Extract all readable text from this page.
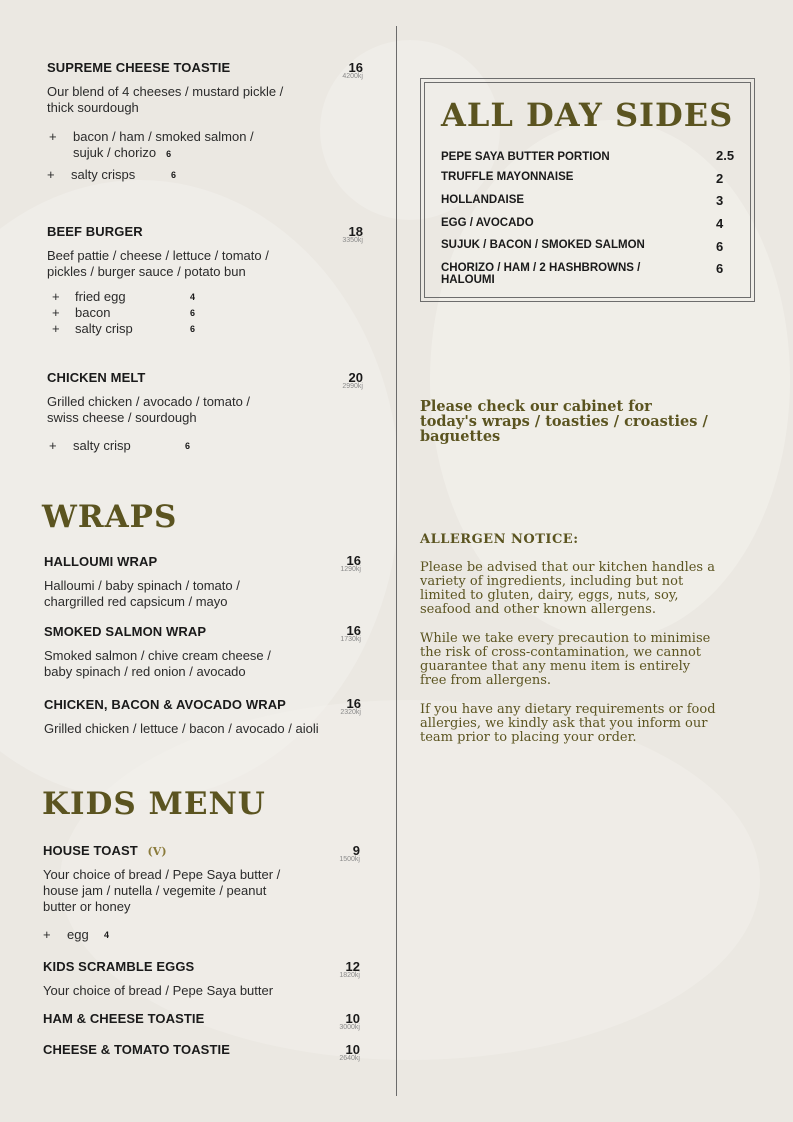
SUPREME CHEESE TOASTIE	16
4200kj
Our blend of 4 cheeses / mustard pickle /
thick sourdough
+ bacon / ham / smoked salmon /
sujuk / chorizo 6
+ salty crisps	6
BEEF BURGER	18
3350kj
Beef pattie / cheese / lettuce / tomato /
pickles / burger sauce / potato bun
+ fried egg	4
+ bacon	6
+ salty crisp	6
CHICKEN MELT	20
2990kj
Grilled chicken / avocado / tomato /
swiss cheese / sourdough
+ salty crisp	6
WRAPS
HALLOUMI WRAP	16
1290kj
Halloumi / baby spinach / tomato /
chargrilled red capsicum / mayo
SMOKED SALMON WRAP	16
1730kj
Smoked salmon / chive cream cheese /
baby spinach / red onion / avocado
CHICKEN, BACON & AVOCADO WRAP	16
2320kj
Grilled chicken / lettuce / bacon / avocado / aioli
KIDS MENU
HOUSE TOAST (V)	9
1500kj
Your choice of bread / Pepe Saya butter /
house jam / nutella / vegemite / peanut
butter or honey
+ egg 4
KIDS SCRAMBLE EGGS	12
1820kj
Your choice of bread / Pepe Saya butter
HAM & CHEESE TOASTIE	10
3000kj
CHEESE & TOMATO TOASTIE	10
2640kj
ALL DAY SIDES
PEPE SAYA BUTTER PORTION	2.5
TRUFFLE MAYONNAISE	2
HOLLANDAISE	3
EGG / AVOCADO	4
SUJUK / BACON / SMOKED SALMON	6
CHORIZO / HAM / 2 HASHBROWNS /
HALOUMI
6
Please check our cabinet for
today's wraps / toasties / croasties /
baguettes
ALLERGEN NOTICE:
Please be advised that our kitchen handles a
variety of ingredients, including but not
limited to gluten, dairy, eggs, nuts, soy,
seafood and other known allergens.
While we take every precaution to minimise
the risk of cross-contamination, we cannot
guarantee that any menu item is entirely
free from allergens.
If you have any dietary requirements or food
allergies, we kindly ask that you inform our
team prior to placing your order.
